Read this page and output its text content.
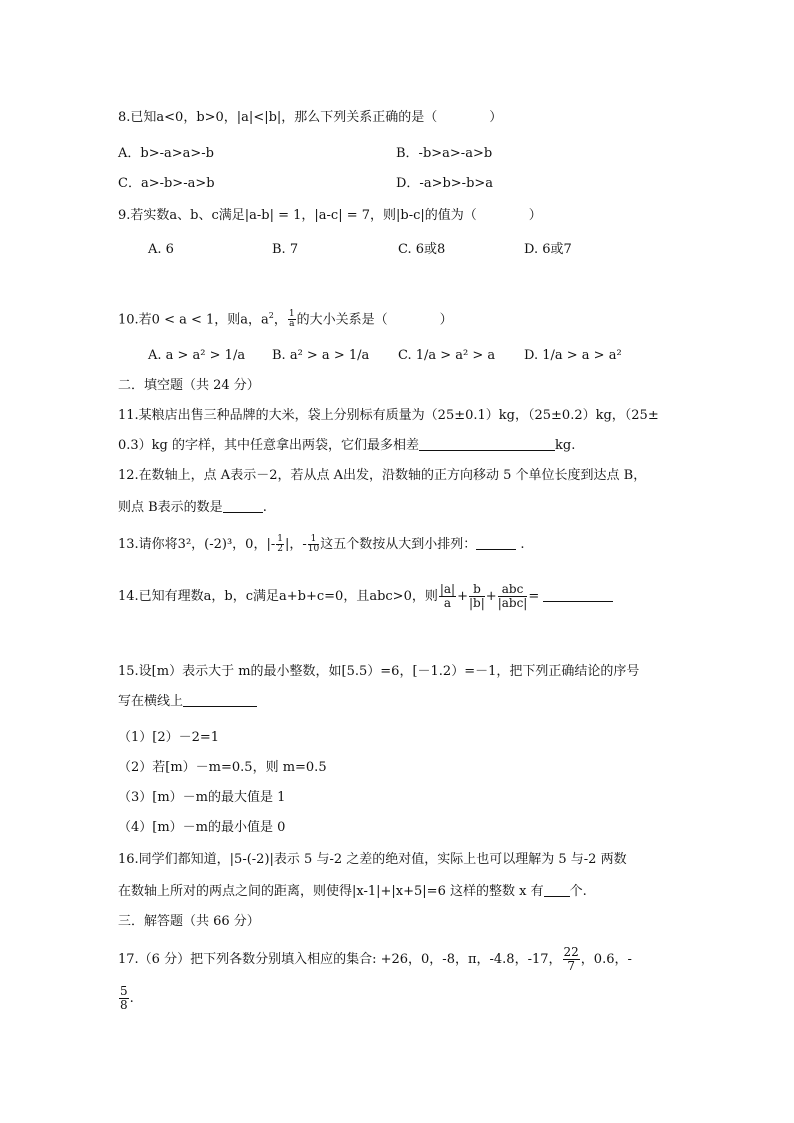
8.已知a<0，b>0，|a|<|b|，那么下列关系正确的是（　　　　）
A．b>-a>a>-b	B．-b>a>-a>b
C．a>-b>-a>b	D．-a>b>-b>a
9.若实数a、b、c满足|a-b| = 1，|a-c| = 7，则|b-c|的值为（　　　　）
A. 6	B. 7	C. 6或8	D. 6或7
10.若0 < a < 1，则a，$a^2$， $\frac{1}{a}$ 的大小关系是（　　　　）
A. a > a² > 1/a B. a² > a > 1/a C. 1/a > a² > a D. 1/a > a > a²
二．填空题（共 24 分）
11.某粮店出售三种品牌的大米，袋上分别标有质量为（25±0.1）kg，（25±0.2）kg，（25±
0.3）kg 的字样，其中任意拿出两袋，它们最多相差	kg.
12.在数轴上，点 A表示－2，若从点 A出发，沿数轴的正方向移动 5 个单位长度到达点 B，
则点 B表示的数是	.
13.请你将3²，(-2)³，0，|- $\frac{1}{2}$ |，- $\frac{1}{10}$ 这五个数按从大到小排列：	.
14.已知有理数a，b，c满足a+b+c=0，且abc>0，则 $\frac{|a|}{a} + \frac{b}{|b|} + \frac{\text{abc}}{\text{|abc|}}$ =
15.设[m）表示大于 m的最小整数，如[5.5）=6，[－1.2）=－1，把下列正确结论的序号
写在横线上
（1）[2）－2=1
（2）若[m）－m=0.5，则 m=0.5
（3）[m）－m的最大值是 1
（4）[m）－m的最小值是 0
16.同学们都知道，|5-(-2)|表示 5 与-2 之差的绝对值，实际上也可以理解为 5 与-2 两数
在数轴上所对的两点之间的距离，则使得|x-1|+|x+5|=6 这样的整数 x 有 个.
三．解答题（共 66 分）
17.（6 分）把下列各数分别填入相应的集合: +26，0，-8，π，-4.8，-17， $\frac{22}{7}$ ，0.6，-
$\frac{5}{8}$ .
